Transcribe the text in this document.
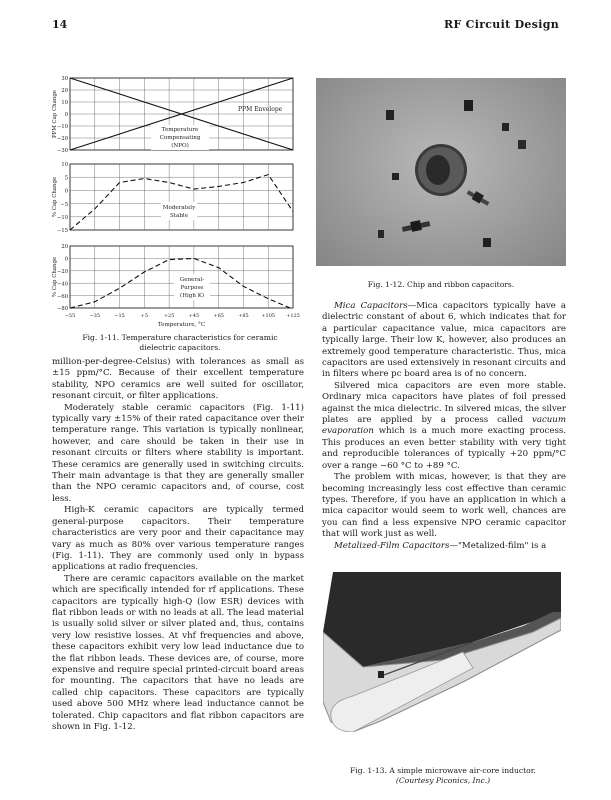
14	RF Circuit Design
30
20
10
0
−10
−20
−30
PPM Cap Change
10
5
0
−5
−10
−15
% Cap Change
20
0
−20
−40
−60
−80
% Cap Change
PPM Envelope
Temperature
Compensating
(NPO)
Moderately
Stable
General-
Purpose
(High K)
−55	−35	−15	+5	+25	+45	+65	+85	+105 +125
Temperature, °C
Fig. 1-11. Temperature characteristics for ceramic
dielectric capacitors.

million-per-degree-Celsius) with tolerances as small as ±15 ppm/°C. Because of their excellent temperature stability, NPO ceramics are well suited for oscillator, resonant circuit, or filter applications.

Moderately stable ceramic capacitors (Fig. 1-11) typically vary ±15% of their rated capacitance over their temperature range. This variation is typically nonlinear, however, and care should be taken in their use in resonant circuits or filters where stability is important. These ceramics are generally used in switching circuits. Their main advantage is that they are generally smaller than the NPO ceramic capacitors and, of course, cost less.

High-K ceramic capacitors are typically termed general-purpose capacitors. Their temperature characteristics are very poor and their capacitance may vary as much as 80% over various temperature ranges (Fig. 1-11). They are commonly used only in bypass applications at radio frequencies.

There are ceramic capacitors available on the market which are specifically intended for rf applications. These capacitors are typically high-Q (low ESR) devices with flat ribbon leads or with no leads at all. The lead material is usually solid silver or silver plated and, thus, contains very low resistive losses. At vhf frequencies and above, these capacitors exhibit very low lead inductance due to the flat ribbon leads. These devices are, of course, more expensive and require special printed-circuit board areas for mounting. The capacitors that have no leads are called chip capacitors. These capacitors are typically used above 500 MHz where lead inductance cannot be tolerated. Chip capacitors and flat ribbon capacitors are shown in Fig. 1-12.

Fig. 1-12. Chip and ribbon capacitors.

Mica Capacitors—Mica capacitors typically have a dielectric constant of about 6, which indicates that for a particular capacitance value, mica capacitors are typically large. Their low K, however, also produces an extremely good temperature characteristic. Thus, mica capacitors are used extensively in resonant circuits and in filters where pc board area is of no concern.

Silvered mica capacitors are even more stable. Ordinary mica capacitors have plates of foil pressed against the mica dielectric. In silvered micas, the silver plates are applied by a process called vacuum evaporation which is a much more exacting process. This produces an even better stability with very tight and reproducible tolerances of typically +20 ppm/°C over a range −60 °C to +89 °C.

The problem with micas, however, is that they are becoming increasingly less cost effective than ceramic types. Therefore, if you have an application in which a mica capacitor would seem to work well, chances are you can find a less expensive NPO ceramic capacitor that will work just as well.

Metalized-Film Capacitors—"Metalized-film" is a

Fig. 1-13. A simple microwave air-core inductor.
(Courtesy Piconics, Inc.)
